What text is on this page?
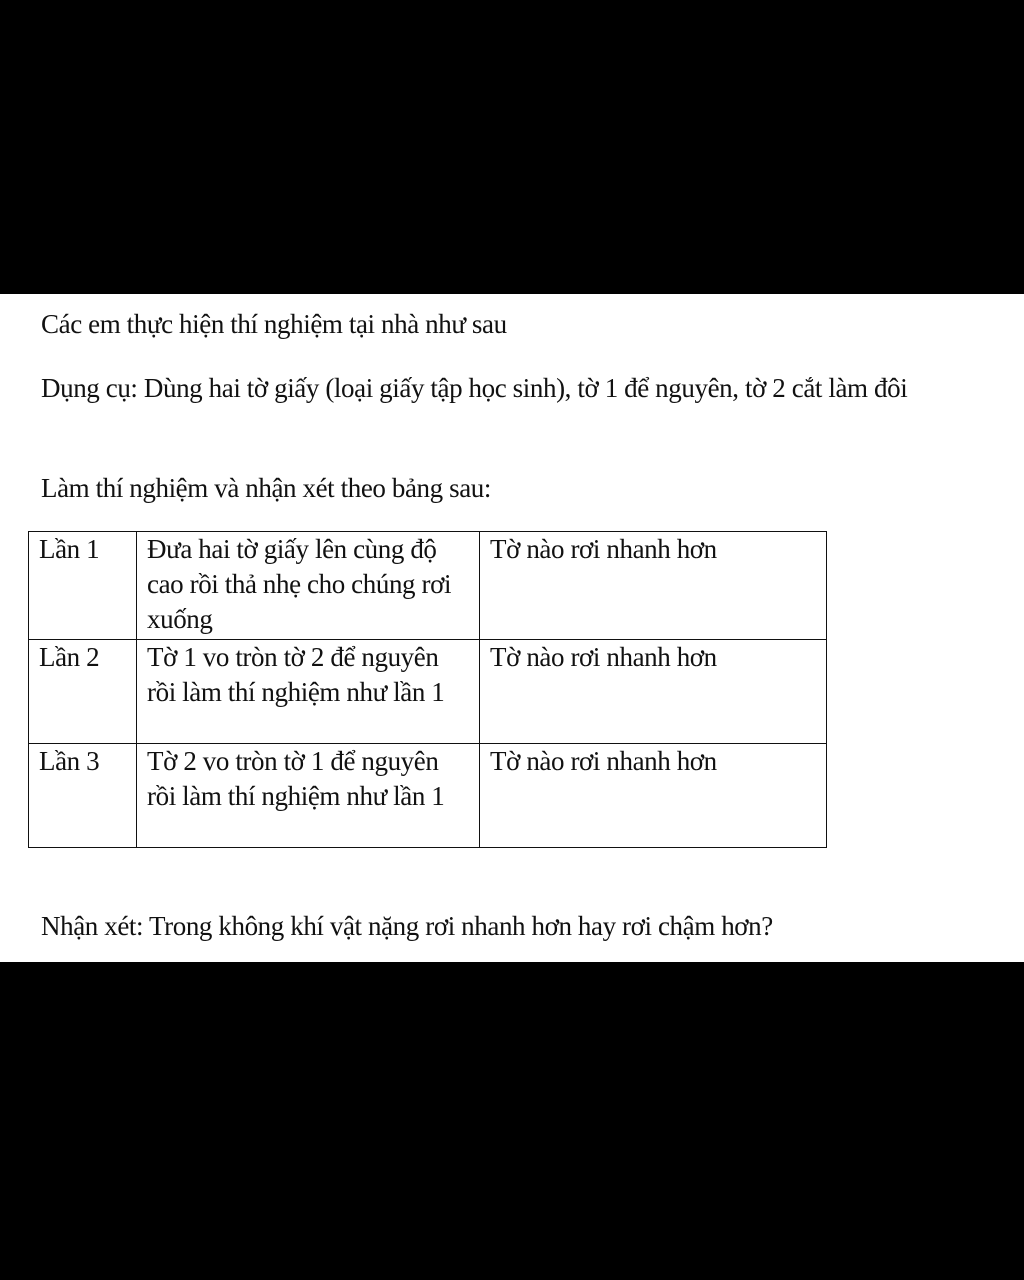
Các em thực hiện thí nghiệm tại nhà như sau

Dụng cụ: Dùng hai tờ giấy (loại giấy tập học sinh), tờ 1 để nguyên, tờ 2 cắt làm đôi

Làm thí nghiệm và nhận xét theo bảng sau:

Lần 1	Đưa hai tờ giấy lên cùng độ cao rồi thả nhẹ cho chúng rơi xuống	Tờ nào rơi nhanh hơn
Lần 2	Tờ 1 vo tròn tờ 2 để nguyên rồi làm thí nghiệm như lần 1	Tờ nào rơi nhanh hơn
Lần 3	Tờ 2 vo tròn tờ 1 để nguyên rồi làm thí nghiệm như lần 1	Tờ nào rơi nhanh hơn

Nhận xét: Trong không khí vật nặng rơi nhanh hơn hay rơi chậm hơn?
